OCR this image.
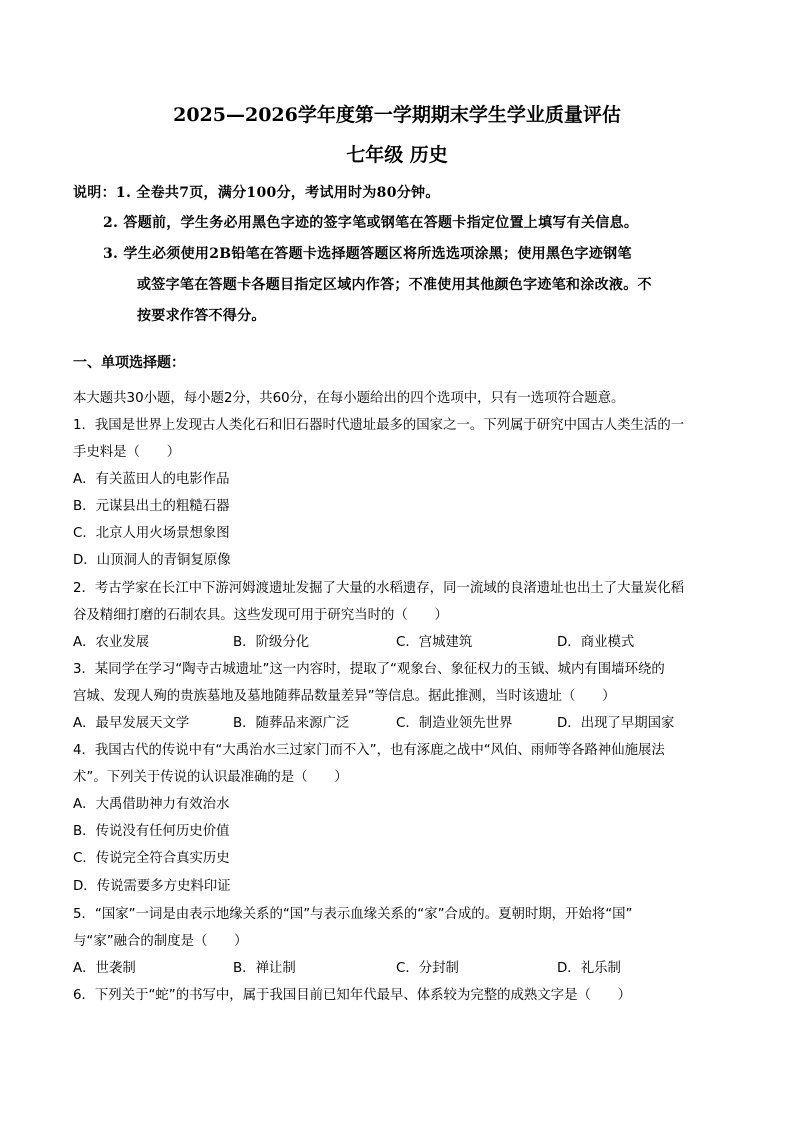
2025—2026学年度第一学期期末学生学业质量评估
七年级 历史
说明：1. 全卷共7页，满分100分，考试用时为80分钟。
2. 答题前，学生务必用黑色字迹的签字笔或钢笔在答题卡指定位置上填写有关信息。
3. 学生必须使用2B铅笔在答题卡选择题答题区将所选选项涂黑；使用黑色字迹钢笔
或签字笔在答题卡各题目指定区域内作答；不准使用其他颜色字迹笔和涂改液。不
按要求作答不得分。
一、单项选择题：
本大题共30小题，每小题2分，共60分，在每小题给出的四个选项中，只有一选项符合题意。
1．我国是世界上发现古人类化石和旧石器时代遗址最多的国家之一。下列属于研究中国古人类生活的一
手史料是（　　）
A．有关蓝田人的电影作品
B．元谋县出土的粗糙石器
C．北京人用火场景想象图
D．山顶洞人的青铜复原像
2．考古学家在长江中下游河姆渡遗址发掘了大量的水稻遗存，同一流域的良渚遗址也出土了大量炭化稻
谷及精细打磨的石制农具。这些发现可用于研究当时的（　　）
A．农业发展	B．阶级分化	C．宫城建筑	D．商业模式
3．某同学在学习“陶寺古城遗址”这一内容时，提取了“观象台、象征权力的玉钺、城内有围墙环绕的
宫城、发现人殉的贵族墓地及墓地随葬品数量差异”等信息。据此推测，当时该遗址（　　）
A．最早发展天文学	B．随葬品来源广泛	C．制造业领先世界	D．出现了早期国家
4．我国古代的传说中有“大禹治水三过家门而不入”，也有涿鹿之战中“风伯、雨师等各路神仙施展法
术”。下列关于传说的认识最准确的是（　　）
A．大禹借助神力有效治水
B．传说没有任何历史价值
C．传说完全符合真实历史
D．传说需要多方史料印证
5．“国家”一词是由表示地缘关系的“国”与表示血缘关系的“家”合成的。夏朝时期，开始将“国”
与“家”融合的制度是（　　）
A．世袭制	B．禅让制	C．分封制	D．礼乐制
6．下列关于“蛇”的书写中，属于我国目前已知年代最早、体系较为完整的成熟文字是（　　）
